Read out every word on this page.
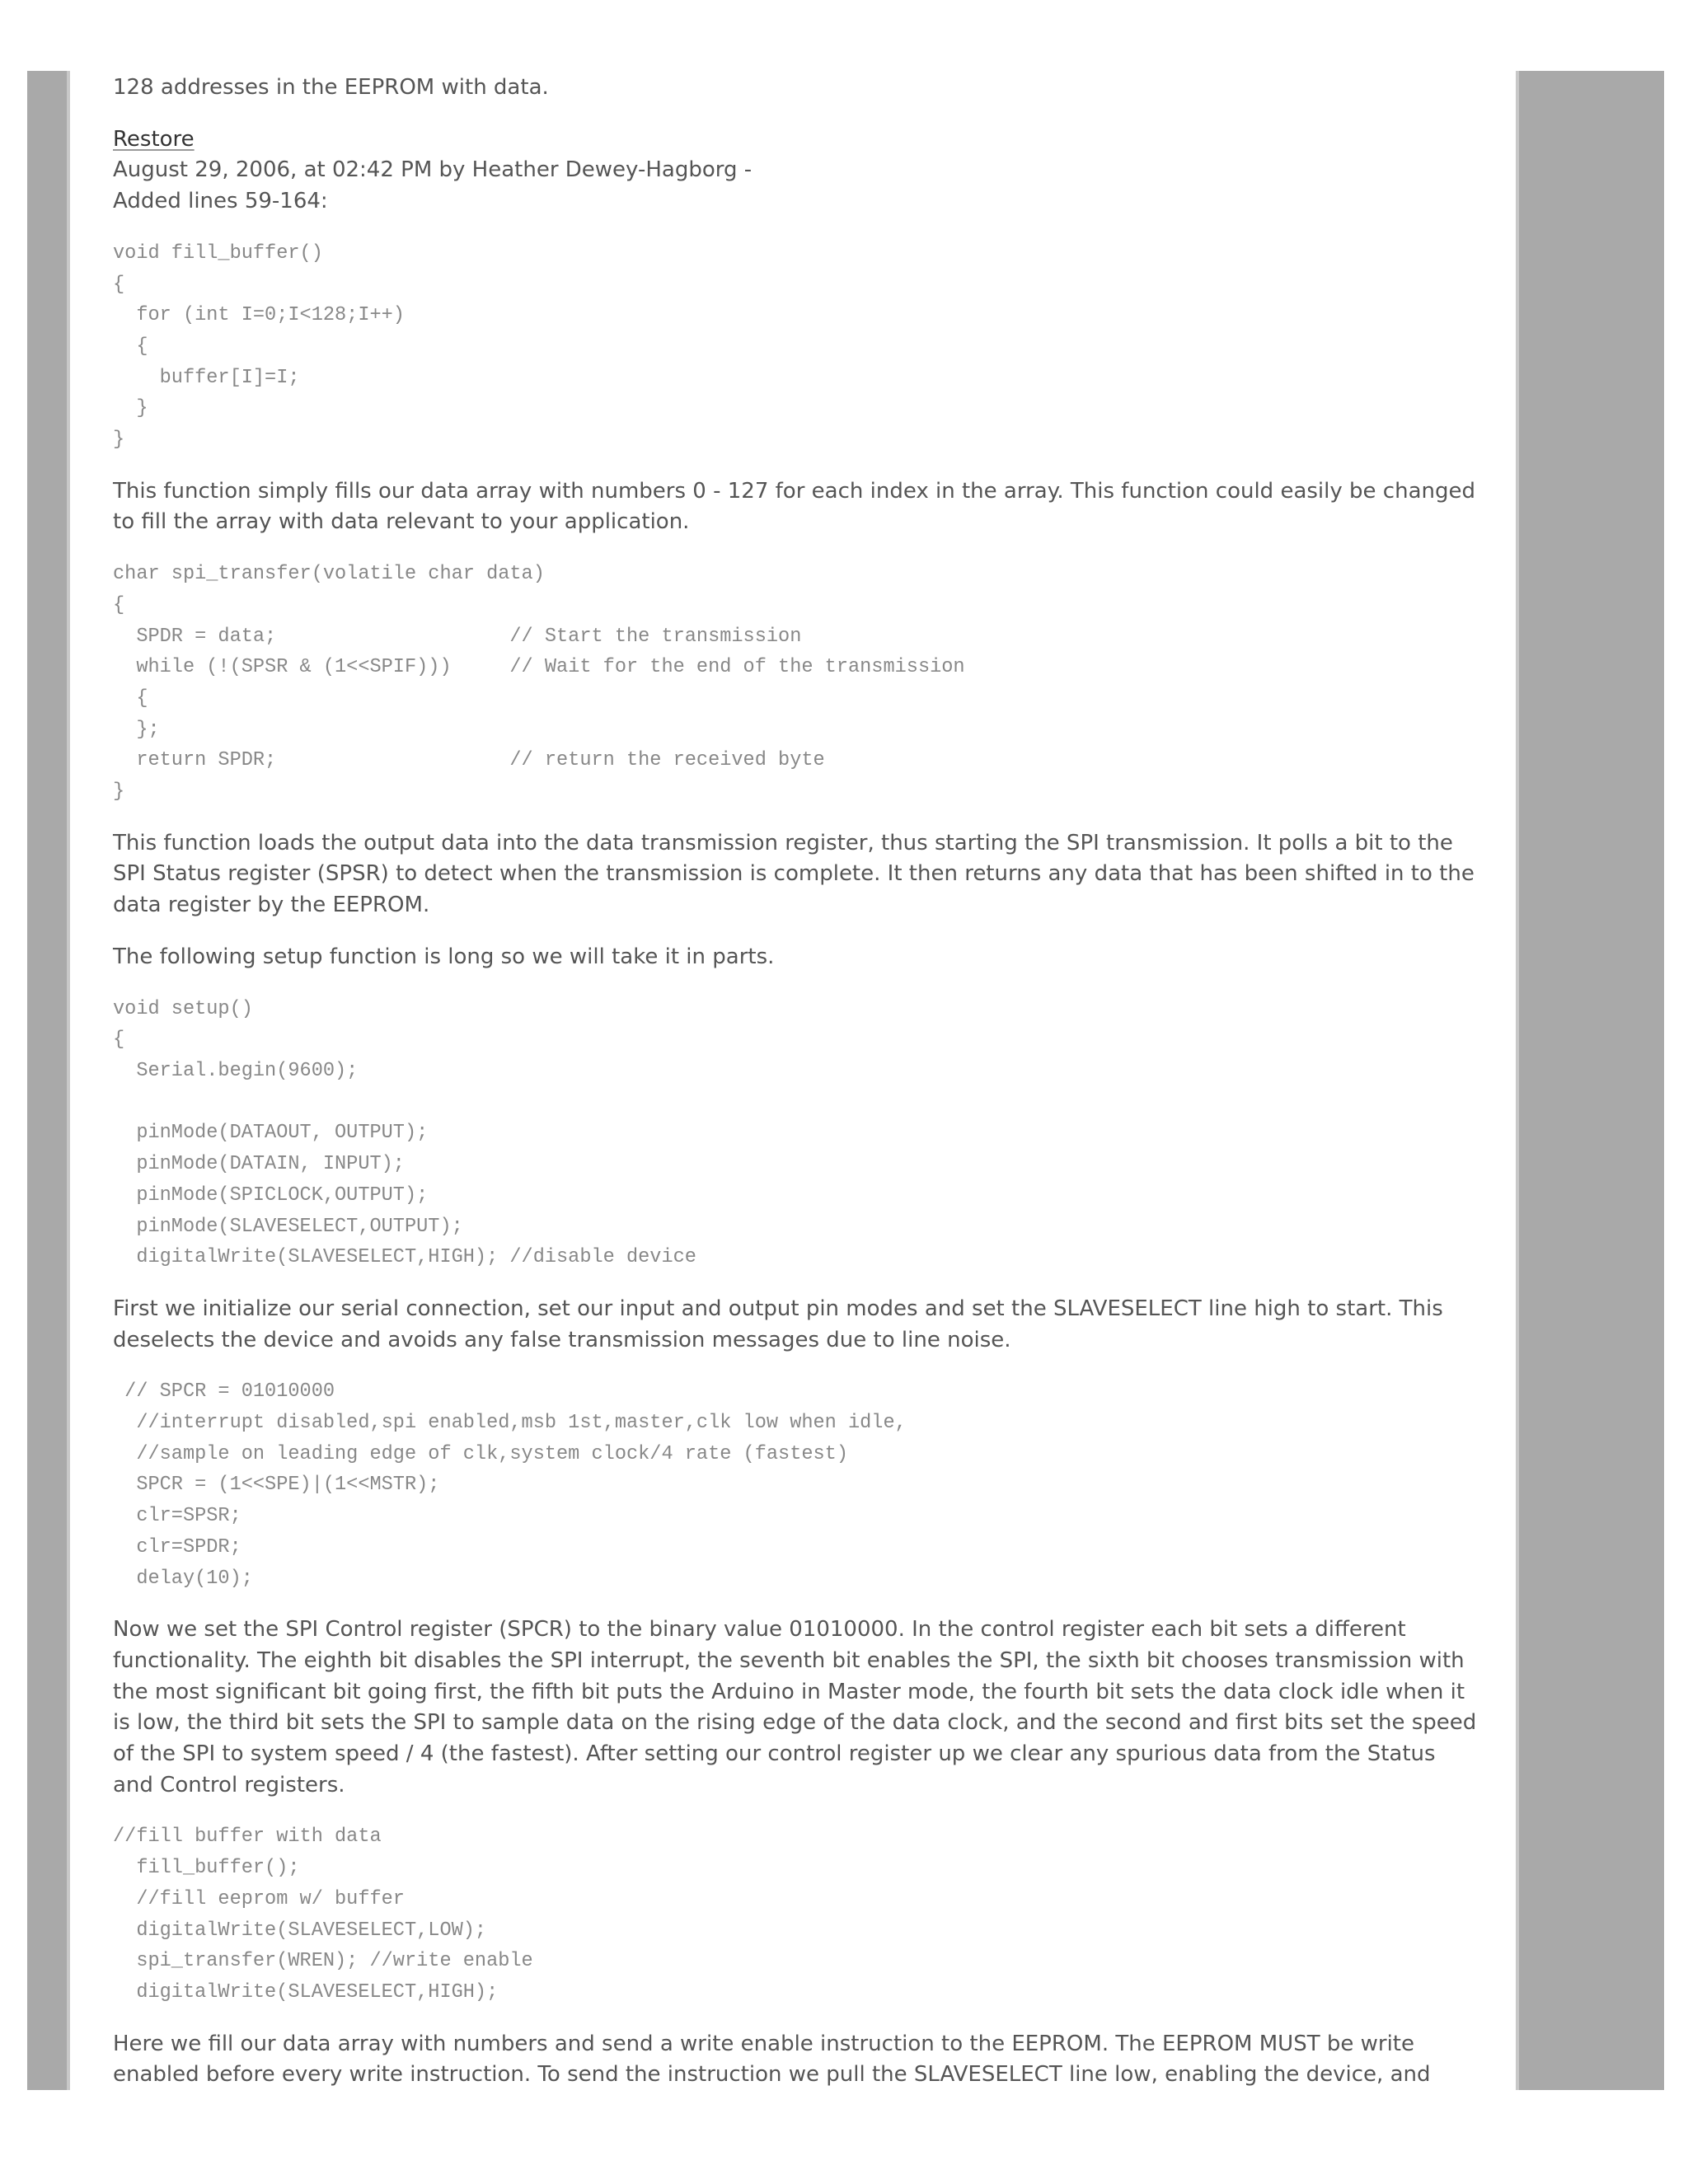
128 addresses in the EEPROM with data.

Restore

August 29, 2006, at 02:42 PM by Heather Dewey-Hagborg -

Added lines 59-164:

void fill_buffer()
{
for (int I=0;I<128;I++)
{
buffer[I]=I;
}
}

This function simply fills our data array with numbers 0 - 127 for each index in the array. This function could easily be changed to fill the array with data relevant to your application.

char spi_transfer(volatile char data)
{
SPDR = data;                    // Start the transmission
while (!(SPSR & (1<<SPIF)))     // Wait for the end of the transmission
{
};
return SPDR;                    // return the received byte
}

This function loads the output data into the data transmission register, thus starting the SPI transmission. It polls a bit to the SPI Status register (SPSR) to detect when the transmission is complete. It then returns any data that has been shifted in to the data register by the EEPROM.

The following setup function is long so we will take it in parts.

void setup()
{
Serial.begin(9600);

pinMode(DATAOUT, OUTPUT);
pinMode(DATAIN, INPUT);
pinMode(SPICLOCK,OUTPUT);
pinMode(SLAVESELECT,OUTPUT);
digitalWrite(SLAVESELECT,HIGH); //disable device

First we initialize our serial connection, set our input and output pin modes and set the SLAVESELECT line high to start. This deselects the device and avoids any false transmission messages due to line noise.

// SPCR = 01010000
//interrupt disabled,spi enabled,msb 1st,master,clk low when idle,
//sample on leading edge of clk,system clock/4 rate (fastest)
SPCR = (1<<SPE)|(1<<MSTR);
clr=SPSR;
clr=SPDR;
delay(10);

Now we set the SPI Control register (SPCR) to the binary value 01010000. In the control register each bit sets a different functionality. The eighth bit disables the SPI interrupt, the seventh bit enables the SPI, the sixth bit chooses transmission with the most significant bit going first, the fifth bit puts the Arduino in Master mode, the fourth bit sets the data clock idle when it is low, the third bit sets the SPI to sample data on the rising edge of the data clock, and the second and first bits set the speed of the SPI to system speed / 4 (the fastest). After setting our control register up we clear any spurious data from the Status and Control registers.

//fill buffer with data
fill_buffer();
//fill eeprom w/ buffer
digitalWrite(SLAVESELECT,LOW);
spi_transfer(WREN); //write enable
digitalWrite(SLAVESELECT,HIGH);

Here we fill our data array with numbers and send a write enable instruction to the EEPROM. The EEPROM MUST be write enabled before every write instruction. To send the instruction we pull the SLAVESELECT line low, enabling the device, and
